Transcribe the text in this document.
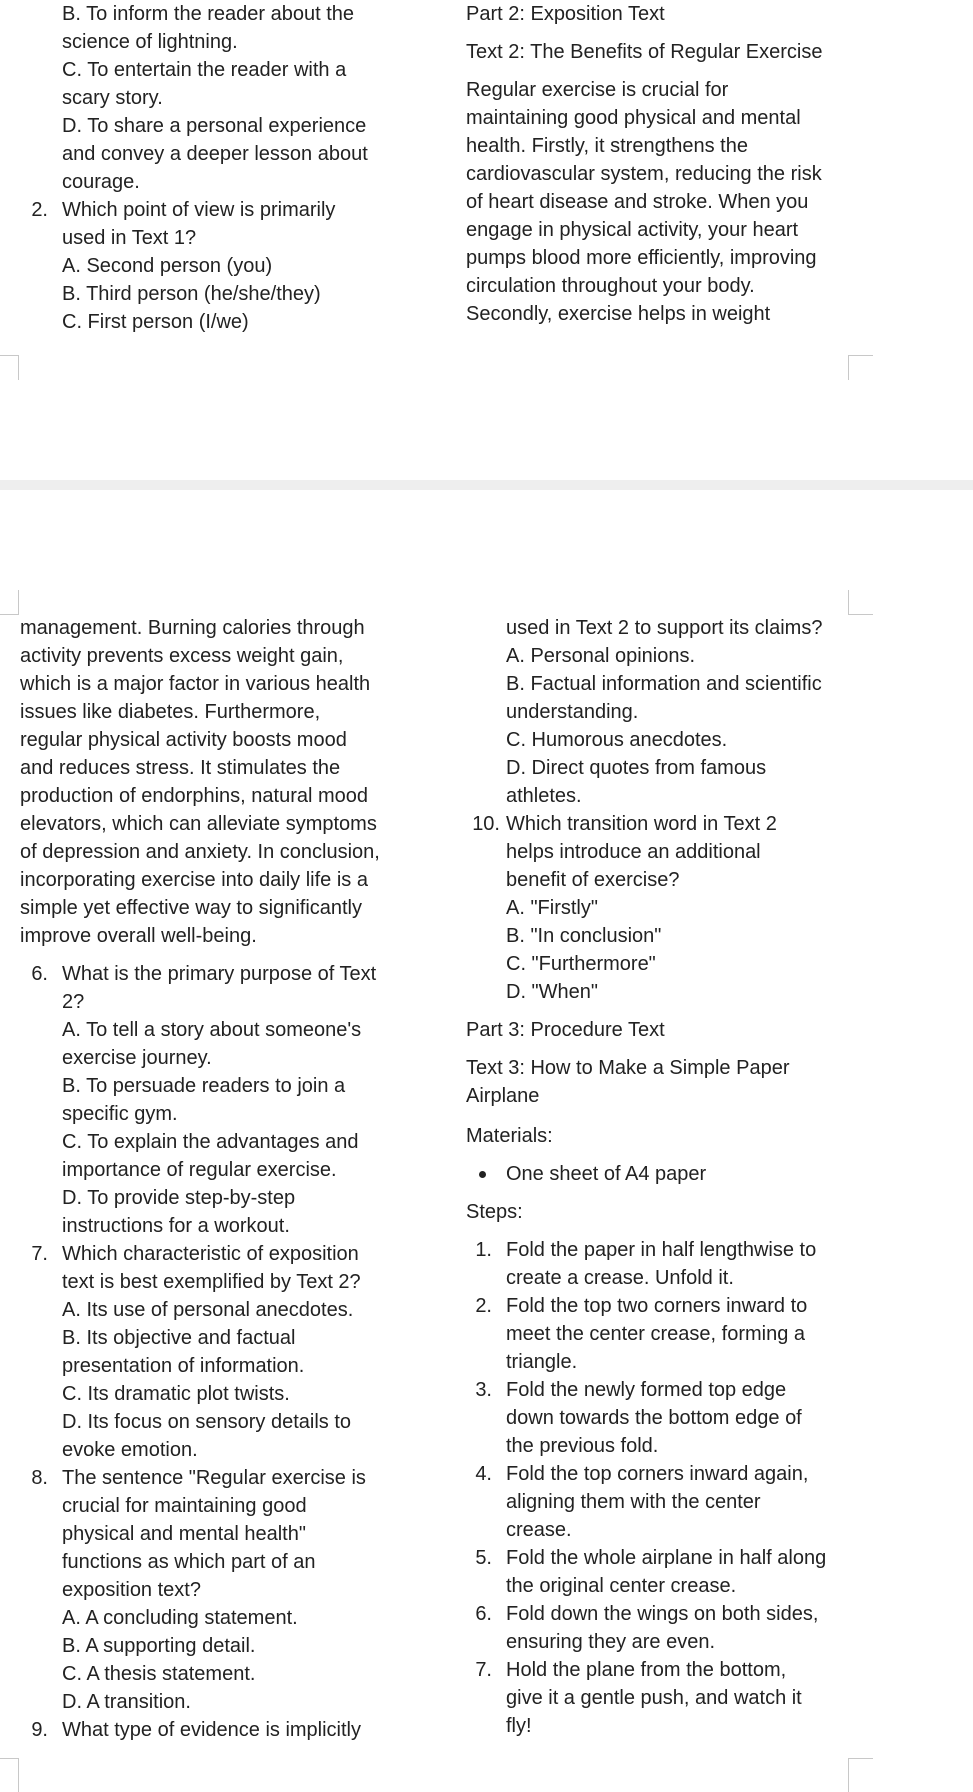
B. To inform the reader about the
science of lightning.
C. To entertain the reader with a
scary story.
D. To share a personal experience
and convey a deeper lesson about
courage.
2. Which point of view is primarily
used in Text 1?
A. Second person (you)
B. Third person (he/she/they)
C. First person (I/we)
Part 2: Exposition Text
Text 2: The Benefits of Regular Exercise
Regular exercise is crucial for
maintaining good physical and mental
health. Firstly, it strengthens the
cardiovascular system, reducing the risk
of heart disease and stroke. When you
engage in physical activity, your heart
pumps blood more efficiently, improving
circulation throughout your body.
Secondly, exercise helps in weight
management. Burning calories through
activity prevents excess weight gain,
which is a major factor in various health
issues like diabetes. Furthermore,
regular physical activity boosts mood
and reduces stress. It stimulates the
production of endorphins, natural mood
elevators, which can alleviate symptoms
of depression and anxiety. In conclusion,
incorporating exercise into daily life is a
simple yet effective way to significantly
improve overall well-being.
6. What is the primary purpose of Text
2?
A. To tell a story about someone's
exercise journey.
B. To persuade readers to join a
specific gym.
C. To explain the advantages and
importance of regular exercise.
D. To provide step-by-step
instructions for a workout.
7. Which characteristic of exposition
text is best exemplified by Text 2?
A. Its use of personal anecdotes.
B. Its objective and factual
presentation of information.
C. Its dramatic plot twists.
D. Its focus on sensory details to
evoke emotion.
8. The sentence "Regular exercise is
crucial for maintaining good
physical and mental health"
functions as which part of an
exposition text?
A. A concluding statement.
B. A supporting detail.
C. A thesis statement.
D. A transition.
9. What type of evidence is implicitly
used in Text 2 to support its claims?
A. Personal opinions.
B. Factual information and scientific
understanding.
C. Humorous anecdotes.
D. Direct quotes from famous
athletes.
10. Which transition word in Text 2
helps introduce an additional
benefit of exercise?
A. "Firstly"
B. "In conclusion"
C. "Furthermore"
D. "When"
Part 3: Procedure Text
Text 3: How to Make a Simple Paper
Airplane
Materials:
One sheet of A4 paper
Steps:
1. Fold the paper in half lengthwise to
create a crease. Unfold it.
2. Fold the top two corners inward to
meet the center crease, forming a
triangle.
3. Fold the newly formed top edge
down towards the bottom edge of
the previous fold.
4. Fold the top corners inward again,
aligning them with the center
crease.
5. Fold the whole airplane in half along
the original center crease.
6. Fold down the wings on both sides,
ensuring they are even.
7. Hold the plane from the bottom,
give it a gentle push, and watch it
fly!
